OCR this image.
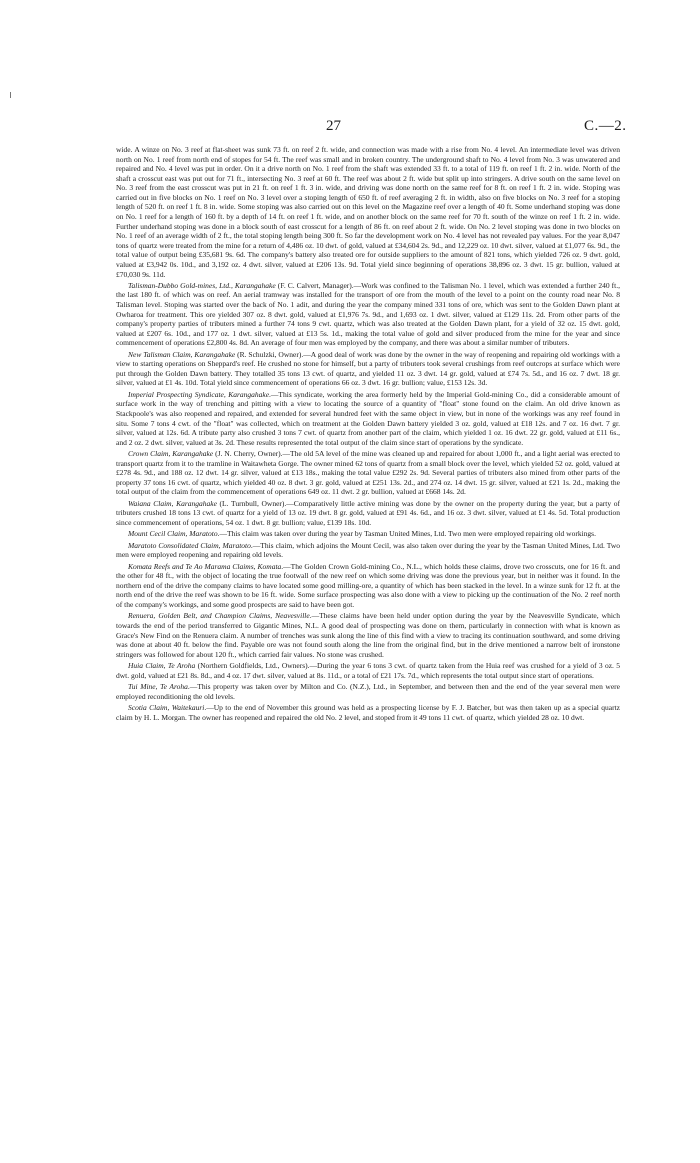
27	C.—2.

wide. A winze on No. 3 reef at flat-sheet was sunk 73 ft. on reef 2 ft. wide, and connection was made with a rise from No. 4 level. An intermediate level was driven north on No. 1 reef from north end of stopes for 54 ft. The reef was small and in broken country. The underground shaft to No. 4 level from No. 3 was unwatered and repaired and No. 4 level was put in order. On it a drive north on No. 1 reef from the shaft was extended 33 ft. to a total of 119 ft. on reef 1 ft. 2 in. wide. North of the shaft a crosscut east was put out for 71 ft., intersecting No. 3 reef at 60 ft. The reef was about 2 ft. wide but split up into stringers. A drive south on the same level on No. 3 reef from the east crosscut was put in 21 ft. on reef 1 ft. 3 in. wide, and driving was done north on the same reef for 8 ft. on reef 1 ft. 2 in. wide. Stoping was carried out in five blocks on No. 1 reef on No. 3 level over a stoping length of 650 ft. of reef averaging 2 ft. in width, also on five blocks on No. 3 reef for a stoping length of 520 ft. on reef 1 ft. 8 in. wide. Some stoping was also carried out on this level on the Magazine reef over a length of 40 ft. Some underhand stoping was done on No. 1 reef for a length of 160 ft. by a depth of 14 ft. on reef 1 ft. wide, and on another block on the same reef for 70 ft. south of the winze on reef 1 ft. 2 in. wide. Further underhand stoping was done in a block south of east crosscut for a length of 86 ft. on reef about 2 ft. wide. On No. 2 level stoping was done in two blocks on No. 1 reef of an average width of 2 ft., the total stoping length being 300 ft. So far the development work on No. 4 level has not revealed pay values. For the year 8,047 tons of quartz were treated from the mine for a return of 4,486 oz. 10 dwt. of gold, valued at £34,604 2s. 9d., and 12,229 oz. 10 dwt. silver, valued at £1,077 6s. 9d., the total value of output being £35,681 9s. 6d. The company's battery also treated ore for outside suppliers to the amount of 821 tons, which yielded 726 oz. 9 dwt. gold, valued at £3,942 0s. 10d., and 3,192 oz. 4 dwt. silver, valued at £206 13s. 9d. Total yield since beginning of operations 38,896 oz. 3 dwt. 15 gr. bullion, valued at £70,030 9s. 11d.

Talisman-Dubbo Gold-mines, Ltd., Karangahake (F. C. Calvert, Manager).—Work was confined to the Talisman No. 1 level, which was extended a further 240 ft., the last 180 ft. of which was on reef. An aerial tramway was installed for the transport of ore from the mouth of the level to a point on the county road near No. 8 Talisman level. Stoping was started over the back of No. 1 adit, and during the year the company mined 331 tons of ore, which was sent to the Golden Dawn plant at Owharoa for treatment. This ore yielded 307 oz. 8 dwt. gold, valued at £1,976 7s. 9d., and 1,693 oz. 1 dwt. silver, valued at £129 11s. 2d. From other parts of the company's property parties of tributers mined a further 74 tons 9 cwt. quartz, which was also treated at the Golden Dawn plant, for a yield of 32 oz. 15 dwt. gold, valued at £207 6s. 10d., and 177 oz. 1 dwt. silver, valued at £13 5s. 1d., making the total value of gold and silver produced from the mine for the year and since commencement of operations £2,800 4s. 8d. An average of four men was employed by the company, and there was about a similar number of tributers.

New Talisman Claim, Karangahake (R. Schulzki, Owner).—A good deal of work was done by the owner in the way of reopening and repairing old workings with a view to starting operations on Sheppard's reef. He crushed no stone for himself, but a party of tributers took several crushings from reef outcrops at surface which were put through the Golden Dawn battery. They totalled 35 tons 13 cwt. of quartz, and yielded 11 oz. 3 dwt. 14 gr. gold, valued at £74 7s. 5d., and 16 oz. 7 dwt. 18 gr. silver, valued at £1 4s. 10d. Total yield since commencement of operations 66 oz. 3 dwt. 16 gr. bullion; value, £153 12s. 3d.

Imperial Prospecting Syndicate, Karangahake.—This syndicate, working the area formerly held by the Imperial Gold-mining Co., did a considerable amount of surface work in the way of trenching and pitting with a view to locating the source of a quantity of "float" stone found on the claim. An old drive known as Stackpoole's was also reopened and repaired, and extended for several hundred feet with the same object in view, but in none of the workings was any reef found in situ. Some 7 tons 4 cwt. of the "float" was collected, which on treatment at the Golden Dawn battery yielded 3 oz. gold, valued at £18 12s. and 7 oz. 16 dwt. 7 gr. silver, valued at 12s. 6d. A tribute party also crushed 3 tons 7 cwt. of quartz from another part of the claim, which yielded 1 oz. 16 dwt. 22 gr. gold, valued at £11 6s., and 2 oz. 2 dwt. silver, valued at 3s. 2d. These results represented the total output of the claim since start of operations by the syndicate.

Crown Claim, Karangahake (J. N. Cherry, Owner).—The old 5A level of the mine was cleaned up and repaired for about 1,000 ft., and a light aerial was erected to transport quartz from it to the tramline in Waitawheta Gorge. The owner mined 62 tons of quartz from a small block over the level, which yielded 52 oz. gold, valued at £278 4s. 9d., and 188 oz. 12 dwt. 14 gr. silver, valued at £13 18s., making the total value £292 2s. 9d. Several parties of tributers also mined from other parts of the property 37 tons 16 cwt. of quartz, which yielded 40 oz. 8 dwt. 3 gr. gold, valued at £251 13s. 2d., and 274 oz. 14 dwt. 15 gr. silver, valued at £21 1s. 2d., making the total output of the claim from the commencement of operations 649 oz. 11 dwt. 2 gr. bullion, valued at £668 14s. 2d.

Waiana Claim, Karangahake (L. Turnbull, Owner).—Comparatively little active mining was done by the owner on the property during the year, but a party of tributers crushed 18 tons 13 cwt. of quartz for a yield of 13 oz. 19 dwt. 8 gr. gold, valued at £91 4s. 6d., and 16 oz. 3 dwt. silver, valued at £1 4s. 5d. Total production since commencement of operations, 54 oz. 1 dwt. 8 gr. bullion; value, £139 18s. 10d.

Mount Cecil Claim, Maratoto.—This claim was taken over during the year by Tasman United Mines, Ltd. Two men were employed repairing old workings.

Maratoto Consolidated Claim, Maratoto.—This claim, which adjoins the Mount Cecil, was also taken over during the year by the Tasman United Mines, Ltd. Two men were employed reopening and repairing old levels.

Komata Reefs and Te Ao Marama Claims, Komata.—The Golden Crown Gold-mining Co., N.L., which holds these claims, drove two crosscuts, one for 16 ft. and the other for 48 ft., with the object of locating the true footwall of the new reef on which some driving was done the previous year, but in neither was it found. In the northern end of the drive the company claims to have located some good milling-ore, a quantity of which has been stacked in the level. In a winze sunk for 12 ft. at the north end of the drive the reef was shown to be 16 ft. wide. Some surface prospecting was also done with a view to picking up the continuation of the No. 2 reef north of the company's workings, and some good prospects are said to have been got.

Renuera, Golden Belt, and Champion Claims, Neavesville.—These claims have been held under option during the year by the Neavesville Syndicate, which towards the end of the period transferred to Gigantic Mines, N.L. A good deal of prospecting was done on them, particularly in connection with what is known as Grace's New Find on the Renuera claim. A number of trenches was sunk along the line of this find with a view to tracing its continuation southward, and some driving was done at about 40 ft. below the find. Payable ore was not found south along the line from the original find, but in the drive mentioned a narrow belt of ironstone stringers was followed for about 120 ft., which carried fair values. No stone was crushed.

Huia Claim, Te Aroha (Northern Goldfields, Ltd., Owners).—During the year 6 tons 3 cwt. of quartz taken from the Huia reef was crushed for a yield of 3 oz. 5 dwt. gold, valued at £21 8s. 8d., and 4 oz. 17 dwt. silver, valued at 8s. 11d., or a total of £21 17s. 7d., which represents the total output since start of operations.

Tui Mine, Te Aroha.—This property was taken over by Milton and Co. (N.Z.), Ltd., in September, and between then and the end of the year several men were employed reconditioning the old levels.

Scotia Claim, Waitekauri.—Up to the end of November this ground was held as a prospecting license by F. J. Batcher, but was then taken up as a special quartz claim by H. L. Morgan. The owner has reopened and repaired the old No. 2 level, and stoped from it 49 tons 11 cwt. of quartz, which yielded 28 oz. 10 dwt.
